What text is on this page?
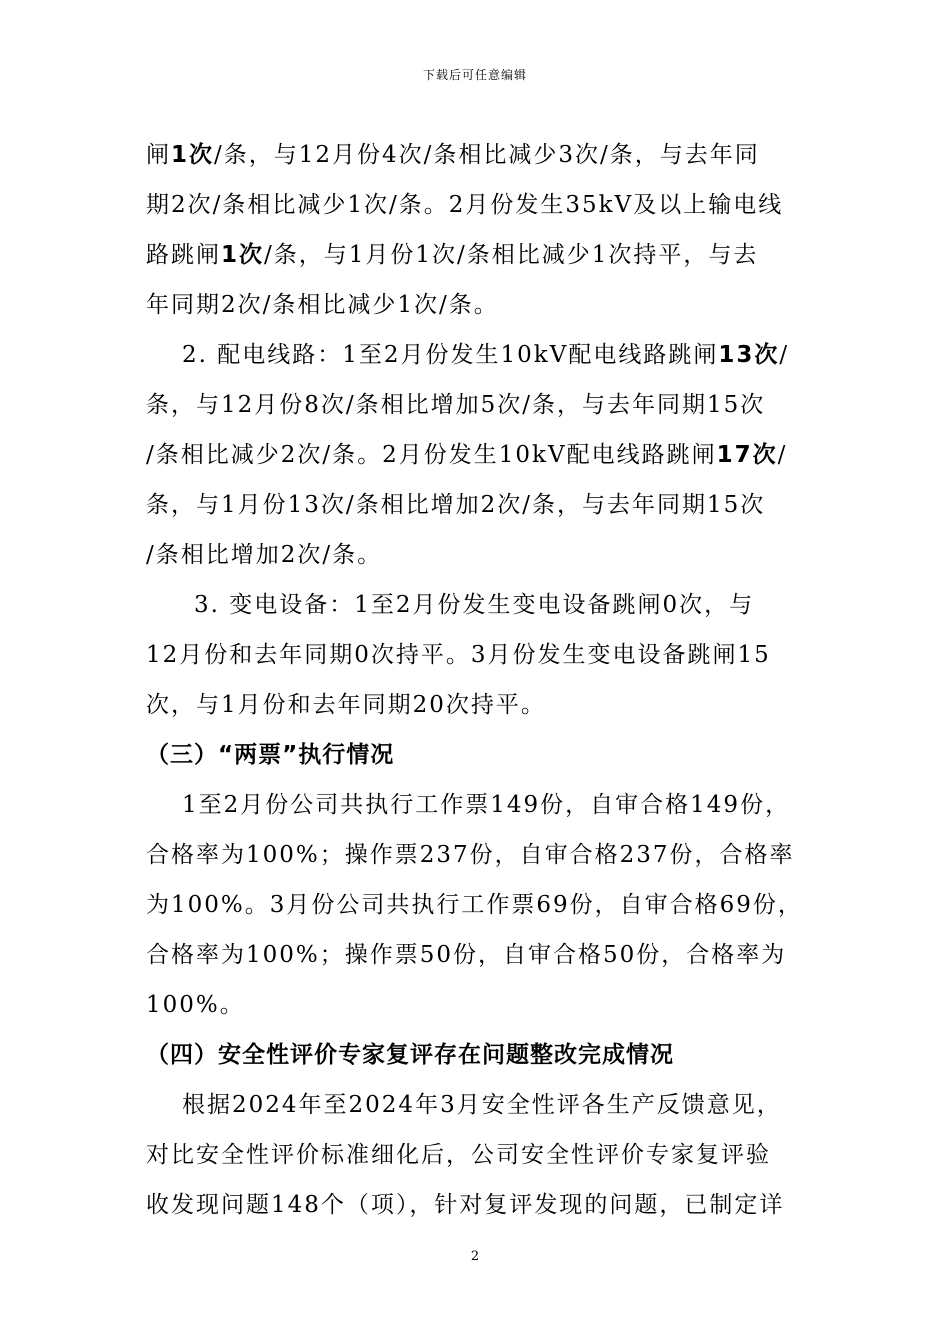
下载后可任意编辑
闸1次/条，与12月份4次/条相比减少3次/条，与去年同
期2次/条相比减少1次/条。2月份发生35kV及以上输电线
路跳闸1次/条，与1月份1次/条相比减少1次持平，与去
年同期2次/条相比减少1次/条。
2. 配电线路：1至2月份发生10kV配电线路跳闸13次/
条，与12月份8次/条相比增加5次/条，与去年同期15次
/条相比减少2次/条。2月份发生10kV配电线路跳闸17次/
条，与1月份13次/条相比增加2次/条，与去年同期15次
/条相比增加2次/条。
3. 变电设备：1至2月份发生变电设备跳闸0次，与
12月份和去年同期0次持平。3月份发生变电设备跳闸15
次，与1月份和去年同期20次持平。
（三）“两票”执行情况
1至2月份公司共执行工作票149份，自审合格149份，
合格率为100%；操作票237份，自审合格237份，合格率
为100%。3月份公司共执行工作票69份，自审合格69份，
合格率为100%；操作票50份，自审合格50份，合格率为
100%。
（四）安全性评价专家复评存在问题整改完成情况
根据2024年至2024年3月安全性评各生产反馈意见，
对比安全性评价标准细化后，公司安全性评价专家复评验
收发现问题148个（项），针对复评发现的问题，已制定详
2
